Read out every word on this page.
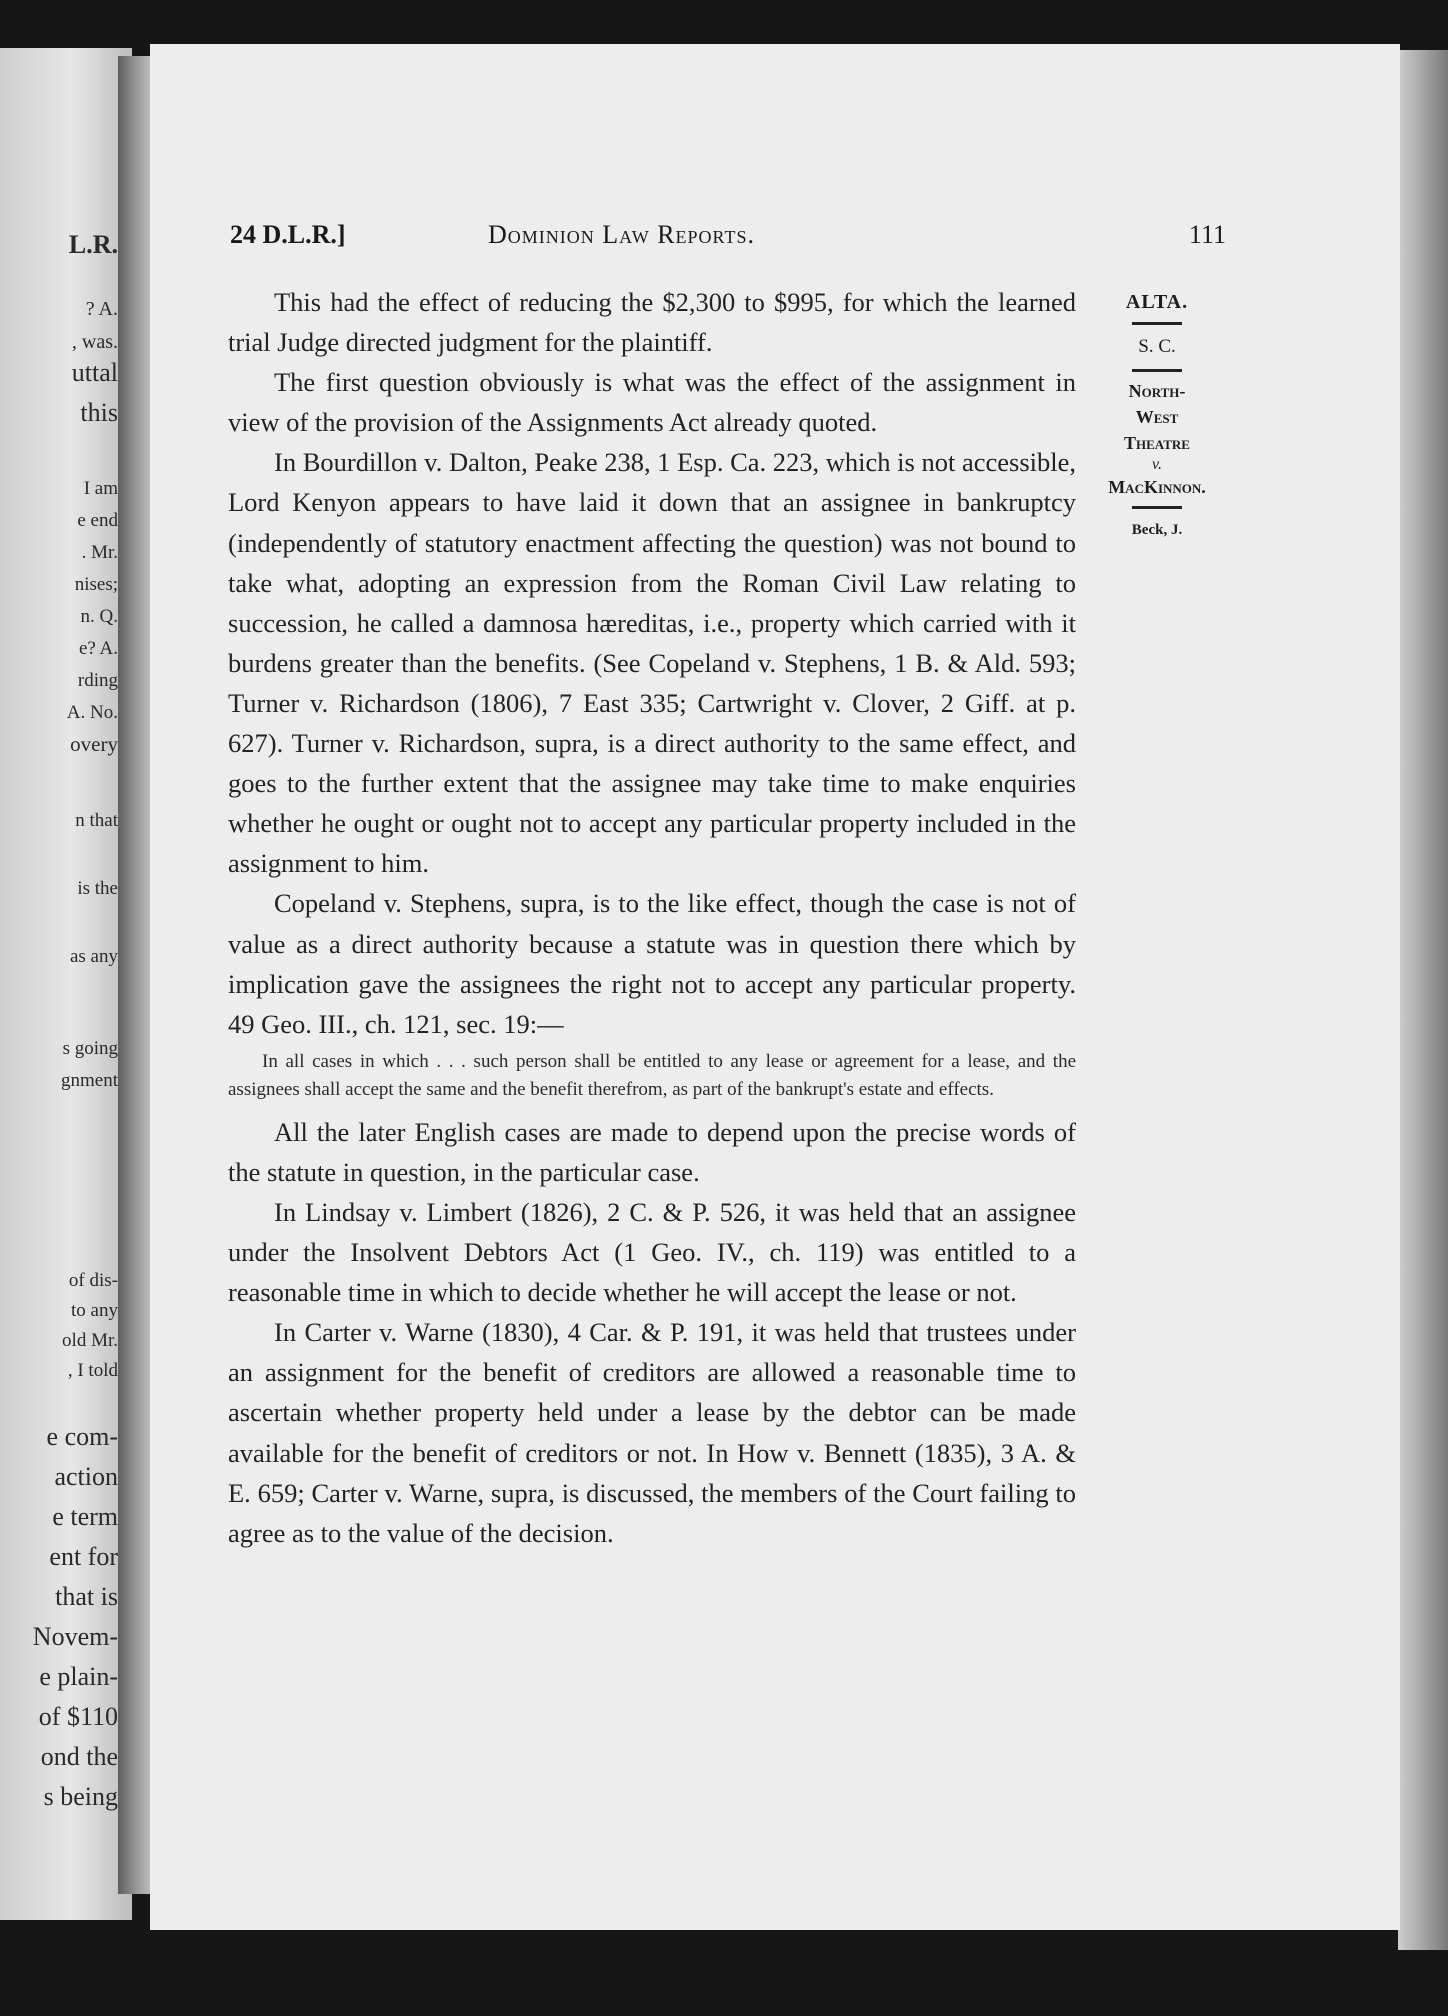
L.R.
? A.
, was.
uttal
this
I am
e end
. Mr.
nises;
n. Q.
e? A.
rding
A. No.
overy
n that
is the
as any
s going
gnment
of dis-
to any
old Mr.
, I told
e com-
action
e term
ent for
that is
Novem-
e plain-
of $110
ond the
s being
24 D.L.R.]	Dominion Law Reports.	111
ALTA.
S. C.
North-
West
Theatre
v.
MacKinnon.
Beck, J.

This had the effect of reducing the $2,300 to $995, for which the learned trial Judge directed judgment for the plaintiff.

The first question obviously is what was the effect of the assignment in view of the provision of the Assignments Act already quoted.

In Bourdillon v. Dalton, Peake 238, 1 Esp. Ca. 223, which is not accessible, Lord Kenyon appears to have laid it down that an assignee in bankruptcy (independently of statutory enactment affecting the question) was not bound to take what, adopting an expression from the Roman Civil Law relating to succession, he called a damnosa hæreditas, i.e., property which carried with it burdens greater than the benefits. (See Copeland v. Stephens, 1 B. & Ald. 593; Turner v. Richardson (1806), 7 East 335; Cartwright v. Clover, 2 Giff. at p. 627). Turner v. Richardson, supra, is a direct authority to the same effect, and goes to the further extent that the assignee may take time to make enquiries whether he ought or ought not to accept any particular property included in the assignment to him.

Copeland v. Stephens, supra, is to the like effect, though the case is not of value as a direct authority because a statute was in question there which by implication gave the assignees the right not to accept any particular property. 49 Geo. III., ch. 121, sec. 19:—

In all cases in which . . . such person shall be entitled to any lease or agreement for a lease, and the assignees shall accept the same and the benefit therefrom, as part of the bankrupt's estate and effects.

All the later English cases are made to depend upon the precise words of the statute in question, in the particular case.

In Lindsay v. Limbert (1826), 2 C. & P. 526, it was held that an assignee under the Insolvent Debtors Act (1 Geo. IV., ch. 119) was entitled to a reasonable time in which to decide whether he will accept the lease or not.

In Carter v. Warne (1830), 4 Car. & P. 191, it was held that trustees under an assignment for the benefit of creditors are allowed a reasonable time to ascertain whether property held under a lease by the debtor can be made available for the benefit of creditors or not. In How v. Bennett (1835), 3 A. & E. 659; Carter v. Warne, supra, is discussed, the members of the Court failing to agree as to the value of the decision.
